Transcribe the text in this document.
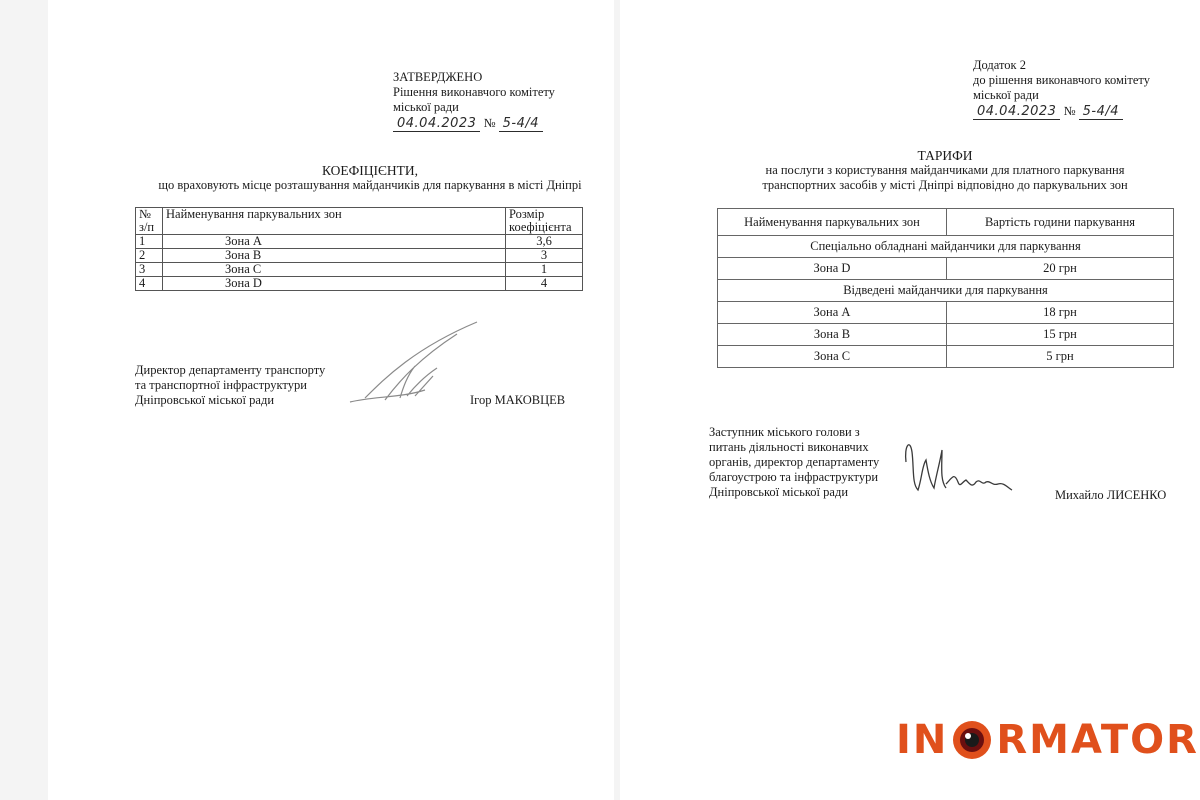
ЗАТВЕРДЖЕНО
Рішення виконавчого комітету
міської ради
04.04.2023 № 5-4/4
КОЕФІЦІЄНТИ,
що враховують місце розташування майданчиків для паркування в місті Дніпрі
№
з/п	Найменування паркувальних зон	Розмір
коефіцієнта
1	Зона А	3,6
2	Зона В	3
3	Зона С	1
4	Зона D	4
Директор департаменту транспорту
та транспортної інфраструктури
Дніпровської міської ради	Ігор МАКОВЦЕВ
Додаток 2
до рішення виконавчого комітету
міської ради
04.04.2023 № 5-4/4
ТАРИФИ
на послуги з користування майданчиками для платного паркування
транспортних засобів у місті Дніпрі відповідно до паркувальних зон
Найменування паркувальних зон	Вартість години паркування
Спеціально обладнані майданчики для паркування	
Зона D	20 грн
Відведені майданчики для паркування	
Зона А	18 грн
Зона В	15 грн
Зона С	5 грн
Заступник міського голови з
питань діяльності виконавчих
органів, директор департаменту
благоустрою та інфраструктури
Дніпровської міської ради	Михайло ЛИСЕНКО
IN RMATOR
